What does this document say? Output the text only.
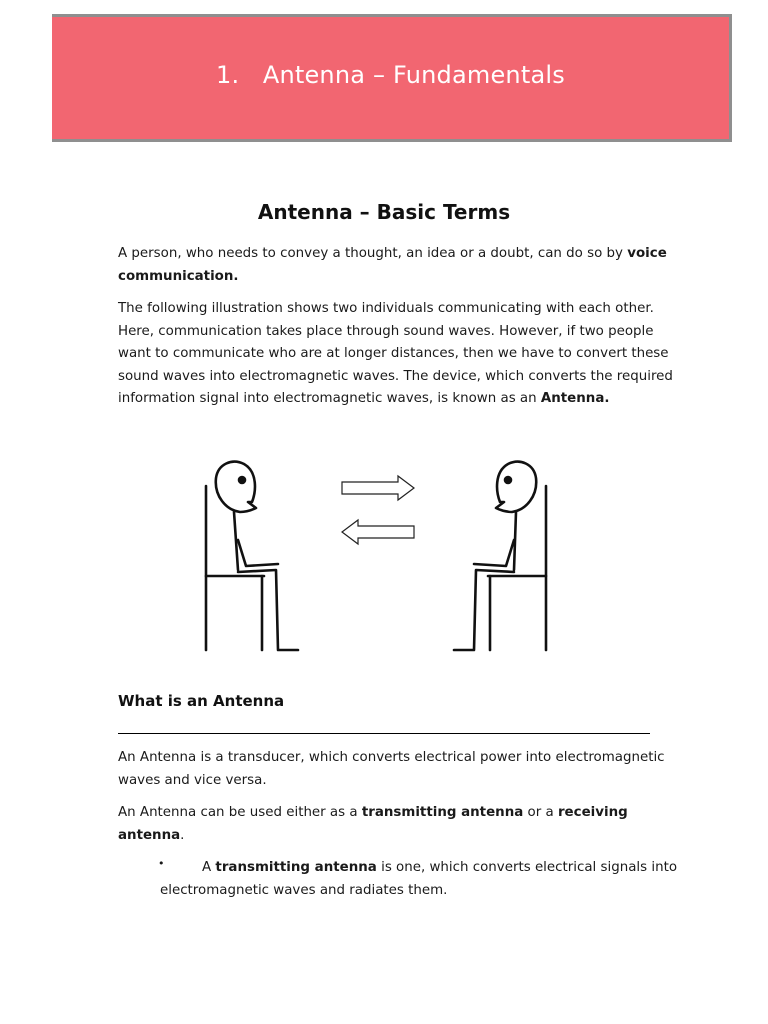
1.   Antenna – Fundamentals
Antenna – Basic Terms
A person, who needs to convey a thought, an idea or a doubt, can do so by voice communication.
The following illustration shows two individuals communicating with each other. Here, communication takes place through sound waves. However, if two people want to communicate who are at longer distances, then we have to convert these sound waves into electromagnetic waves. The device, which converts the required information signal into electromagnetic waves, is known as an Antenna.
What is an Antenna
An Antenna is a transducer, which converts electrical power into electromagnetic waves and vice versa.
An Antenna can be used either as a transmitting antenna or a receiving antenna.
•	A transmitting antenna is one, which converts electrical signals into electromagnetic waves and radiates them.
